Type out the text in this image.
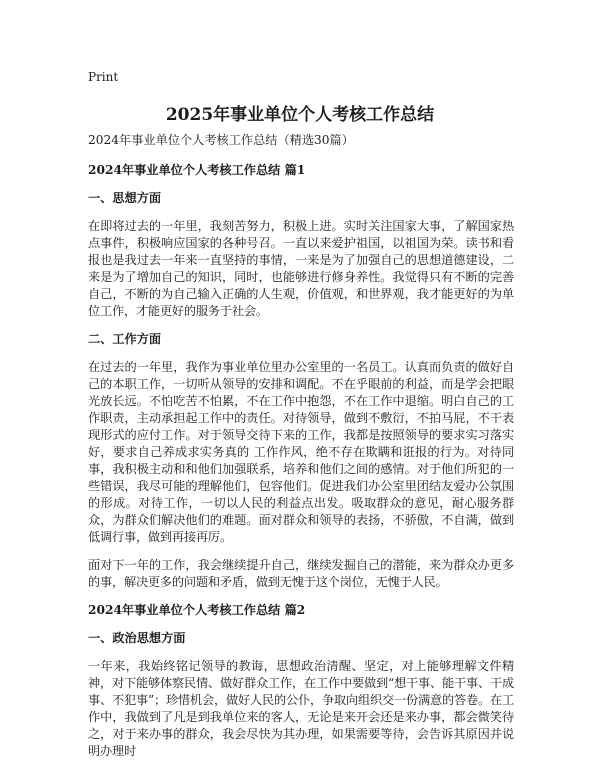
Print
2025年事业单位个人考核工作总结

2024年事业单位个人考核工作总结（精选30篇）

2024年事业单位个人考核工作总结 篇1

一、思想方面

在即将过去的一年里，我刻苦努力，积极上进。实时关注国家大事，了解国家热点事件，积极响应国家的各种号召。一直以来爱护祖国，以祖国为荣。读书和看报也是我过去一年来一直坚持的事情，一来是为了加强自己的思想道德建设，二来是为了增加自己的知识，同时，也能够进行修身养性。我觉得只有不断的完善自己，不断的为自己输入正确的人生观，价值观，和世界观，我才能更好的为单位工作，才能更好的服务于社会。

二、工作方面

在过去的一年里，我作为事业单位里办公室里的一名员工。认真而负责的做好自己的本职工作，一切听从领导的安排和调配。不在乎眼前的利益，而是学会把眼光放长远。不怕吃苦不怕累，不在工作中抱怨，不在工作中退缩。明白自己的工作职责，主动承担起工作中的责任。对待领导，做到不敷衍，不拍马屁，不干表现形式的应付工作。对于领导交待下来的工作，我都是按照领导的要求实习落实好，要求自己养成求实务真的 工作作风，绝不存在欺瞒和诳报的行为。对待同事，我积极主动和和他们加强联系，培养和他们之间的感情。对于他们所犯的一些错误，我尽可能的理解他们，包容他们。促进我们办公室里团结友爱办公氛围的形成。对待工作，一切以人民的利益点出发。吸取群众的意见，耐心服务群众，为群众们解决他们的难题。面对群众和领导的表扬，不骄傲，不自满，做到低调行事，做到再接再厉。

面对下一年的工作，我会继续提升自己，继续发掘自己的潜能，来为群众办更多的事，解决更多的问题和矛盾，做到无愧于这个岗位，无愧于人民。

2024年事业单位个人考核工作总结 篇2

一、政治思想方面

一年来，我始终铭记领导的教诲，思想政治清醒、坚定，对上能够理解文件精神，对下能够体察民情、做好群众工作，在工作中要做到“想干事、能干事、干成事、不犯事”；珍惜机会，做好人民的公仆，争取向组织交一份满意的答卷。在工作中，我做到了凡是到我单位来的客人，无论是来开会还是来办事，都会微笑待之，对于来办事的群众，我会尽快为其办理，如果需要等待，会告诉其原因并说明办理时
